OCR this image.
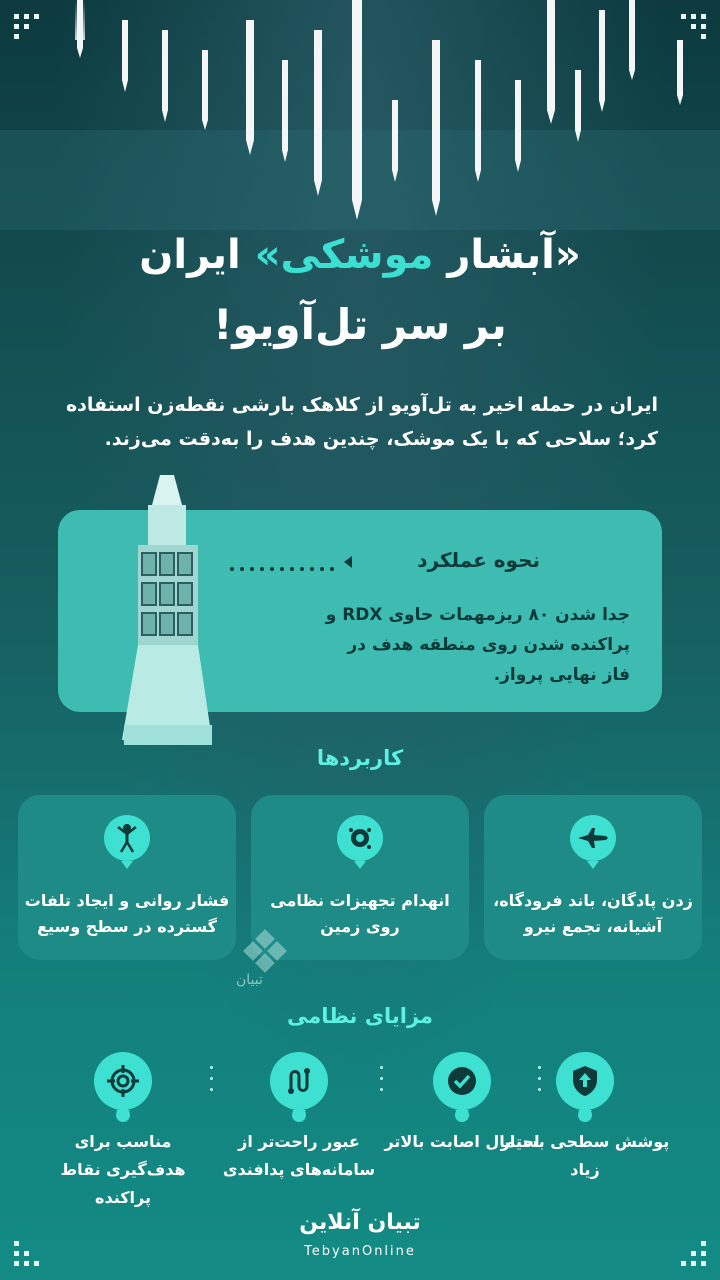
«آبشار موشکی» ایران
بر سر تل‌آویو!
ایران در حمله اخیر به تل‌آویو از کلاهک بارشی نقطه‌زن استفاده کرد؛ سلاحی که با یک موشک، چندین هدف را به‌دقت می‌زند.
نحوه عملکرد
جدا شدن ۸۰ ریزمهمات حاوی RDX و پراکنده شدن روی منطقه هدف در فاز نهایی پرواز.
کاربردها
زدن پادگان، باند فرودگاه، آشیانه، تجمع نیرو
انهدام تجهیزات نظامی روی زمین
فشار روانی و ایجاد تلفات گسترده در سطح وسیع
تبیان
مزایای نظامی
پوشش سطحی بسیار زیاد
احتمال اصابت بالاتر
عبور راحت‌تر از سامانه‌های پدافندی
مناسب برای هدف‌گیری نقاط پراکنده
تبیان آنلاین
TebyanOnline
